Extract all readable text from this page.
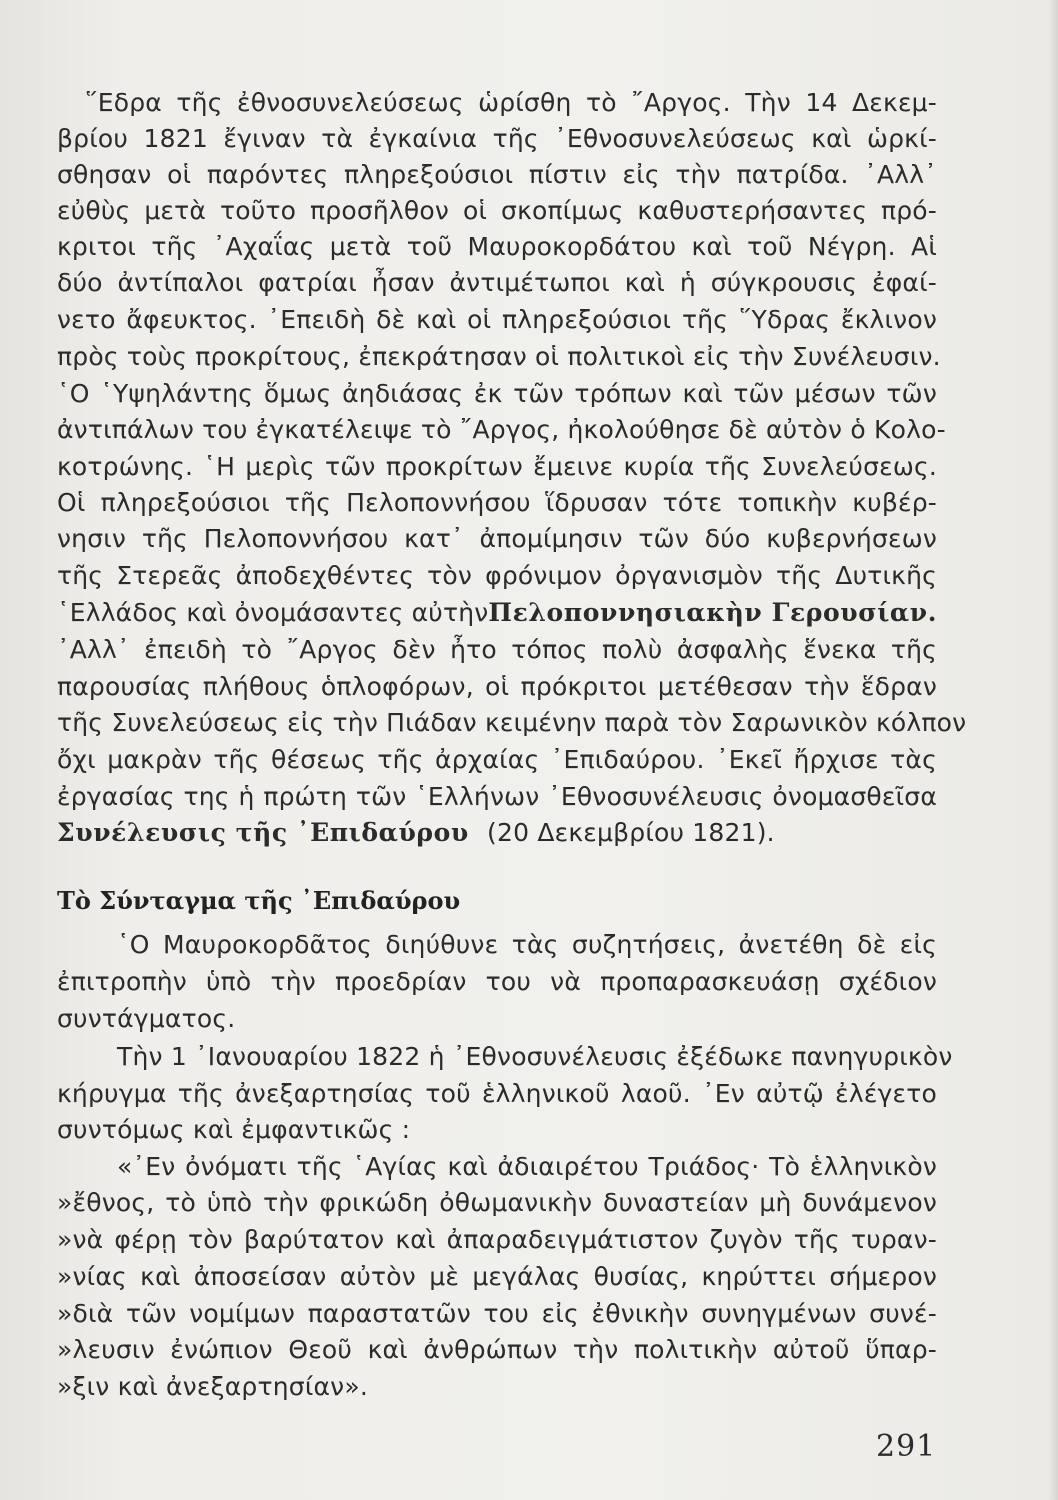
῞Εδρα τῆς ἐθνοσυνελεύσεως ὡρίσθη τὸ ῎Αργος. Τὴν 14 Δεκεμ-
βρίου 1821 ἔγιναν τὰ ἐγκαίνια τῆς ᾿Εθνοσυνελεύσεως καὶ ὡρκί-
σθησαν οἱ παρόντες πληρεξούσιοι πίστιν εἰς τὴν πατρίδα. ᾿Αλλ᾿
εὐθὺς μετὰ τοῦτο προσῆλθον οἱ σκοπίμως καθυστερήσαντες πρό-
κριτοι τῆς ᾿Αχαΐας μετὰ τοῦ Μαυροκορδάτου καὶ τοῦ Νέγρη. Αἱ
δύο ἀντίπαλοι φατρίαι ἦσαν ἀντιμέτωποι καὶ ἡ σύγκρουσις ἐφαί-
νετο ἄφευκτος. ᾿Επειδὴ δὲ καὶ οἱ πληρεξούσιοι τῆς ῞Υδρας ἔκλινον
πρὸς τοὺς προκρίτους, ἐπεκράτησαν οἱ πολιτικοὶ εἰς τὴν Συνέλευσιν.
῾Ο ῾Υψηλάντης ὅμως ἀηδιάσας ἐκ τῶν τρόπων καὶ τῶν μέσων τῶν
ἀντιπάλων του ἐγκατέλειψε τὸ ῎Αργος, ἠκολούθησε δὲ αὐτὸν ὁ Κολο-
κοτρώνης. ῾Η μερὶς τῶν προκρίτων ἔμεινε κυρία τῆς Συνελεύσεως.
Οἱ πληρεξούσιοι τῆς Πελοποννήσου ἵδρυσαν τότε τοπικὴν κυβέρ-
νησιν τῆς Πελοποννήσου κατ᾿ ἀπομίμησιν τῶν δύο κυβερνήσεων
τῆς Στερεᾶς ἀποδεχθέντες τὸν φρόνιμον ὀργανισμὸν τῆς Δυτικῆς
῾Ελλάδος καὶ ὀνομάσαντες αὐτὴν Πελοποννησιακὴν Γερουσίαν.
᾿Αλλ᾿ ἐπειδὴ τὸ ῎Αργος δὲν ἦτο τόπος πολὺ ἀσφαλὴς ἕνεκα τῆς
παρουσίας πλήθους ὁπλοφόρων, οἱ πρόκριτοι μετέθεσαν τὴν ἕδραν
τῆς Συνελεύσεως εἰς τὴν Πιάδαν κειμένην παρὰ τὸν Σαρωνικὸν κόλπον
ὄχι μακρὰν τῆς θέσεως τῆς ἀρχαίας ᾿Επιδαύρου. ᾿Εκεῖ ἤρχισε τὰς
ἐργασίας της ἡ πρώτη τῶν ῾Ελλήνων ᾿Εθνοσυνέλευσις ὀνομασθεῖσα
Συνέλευσις τῆς ᾿Επιδαύρου (20 Δεκεμβρίου 1821).
Τὸ Σύνταγμα τῆς ᾿Επιδαύρου
῾Ο Μαυροκορδᾶτος διηύθυνε τὰς συζητήσεις, ἀνετέθη δὲ εἰς
ἐπιτροπὴν ὑπὸ τὴν προεδρίαν του νὰ προπαρασκευάσῃ σχέδιον
συντάγματος.
Τὴν 1 ᾿Ιανουαρίου 1822 ἡ ᾿Εθνοσυνέλευσις ἐξέδωκε πανηγυρικὸν
κήρυγμα τῆς ἀνεξαρτησίας τοῦ ἑλληνικοῦ λαοῦ. ᾿Εν αὐτῷ ἐλέγετο
συντόμως καὶ ἐμφαντικῶς :
«᾿Εν ὀνόματι τῆς ῾Αγίας καὶ ἀδιαιρέτου Τριάδος· Τὸ ἑλληνικὸν
»ἔθνος, τὸ ὑπὸ τὴν φρικώδη ὀθωμανικὴν δυναστείαν μὴ δυνάμενον
»νὰ φέρῃ τὸν βαρύτατον καὶ ἀπαραδειγμάτιστον ζυγὸν τῆς τυραν-
»νίας καὶ ἀποσείσαν αὐτὸν μὲ μεγάλας θυσίας, κηρύττει σήμερον
»διὰ τῶν νομίμων παραστατῶν του εἰς ἐθνικὴν συνηγμένων συνέ-
»λευσιν ἐνώπιον Θεοῦ καὶ ἀνθρώπων τὴν πολιτικὴν αὐτοῦ ὕπαρ-
»ξιν καὶ ἀνεξαρτησίαν».
291
